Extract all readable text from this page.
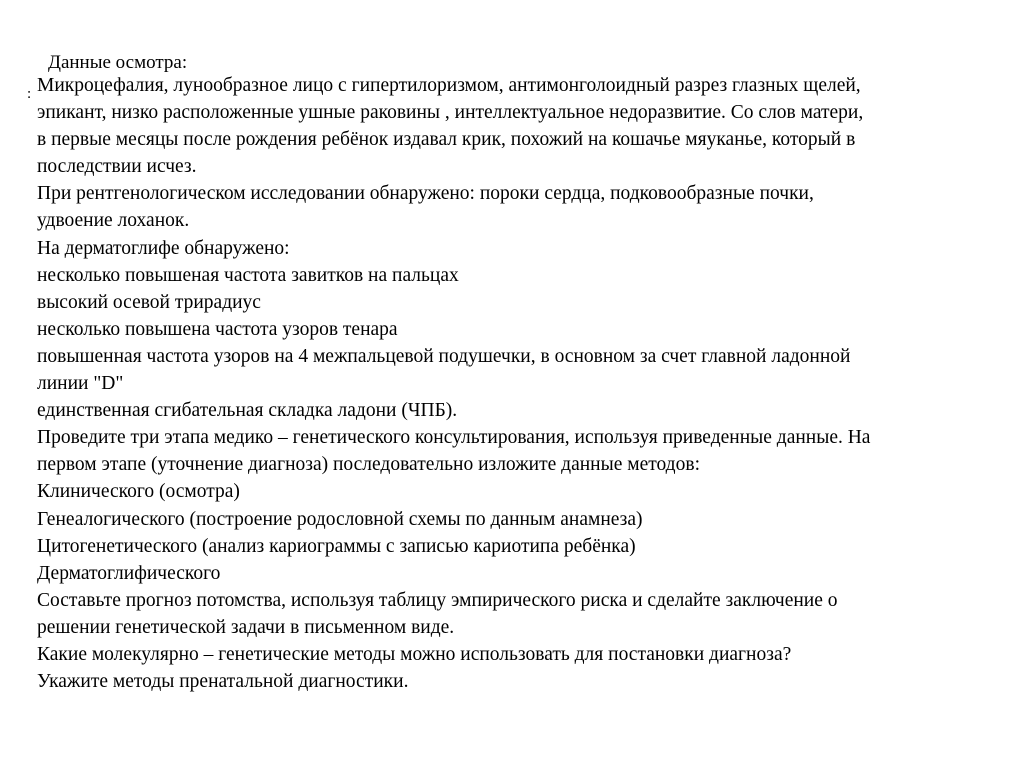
Данные осмотра:
: Микроцефалия, лунообразное лицо с гипертилоризмом, антимонголоидный разрез глазных щелей,
эпикант, низко расположенные ушные раковины , интеллектуальное недоразвитие. Со слов матери,
в первые месяцы после рождения ребёнок издавал крик, похожий на кошачье мяуканье, который в
последствии исчез.
При рентгенологическом исследовании обнаружено: пороки сердца, подковообразные почки,
удвоение лоханок.
На дерматоглифе обнаружено:
несколько повышеная частота завитков на пальцах
высокий осевой трирадиус
несколько повышена частота узоров тенара
повышенная частота узоров на 4 межпальцевой подушечки, в основном за счет главной ладонной
линии "D"
единственная сгибательная складка ладони (ЧПБ).
Проведите три этапа медико – генетического консультирования, используя приведенные данные. На
первом этапе (уточнение диагноза) последовательно изложите данные методов:
Клинического (осмотра)
Генеалогического (построение родословной схемы по данным анамнеза)
Цитогенетического (анализ кариограммы с записью кариотипа ребёнка)
Дерматоглифического
Составьте прогноз потомства, используя таблицу эмпирического риска и сделайте заключение о
решении генетической задачи в письменном виде.
Какие молекулярно – генетические методы можно использовать для постановки диагноза?
Укажите методы пренатальной диагностики.
